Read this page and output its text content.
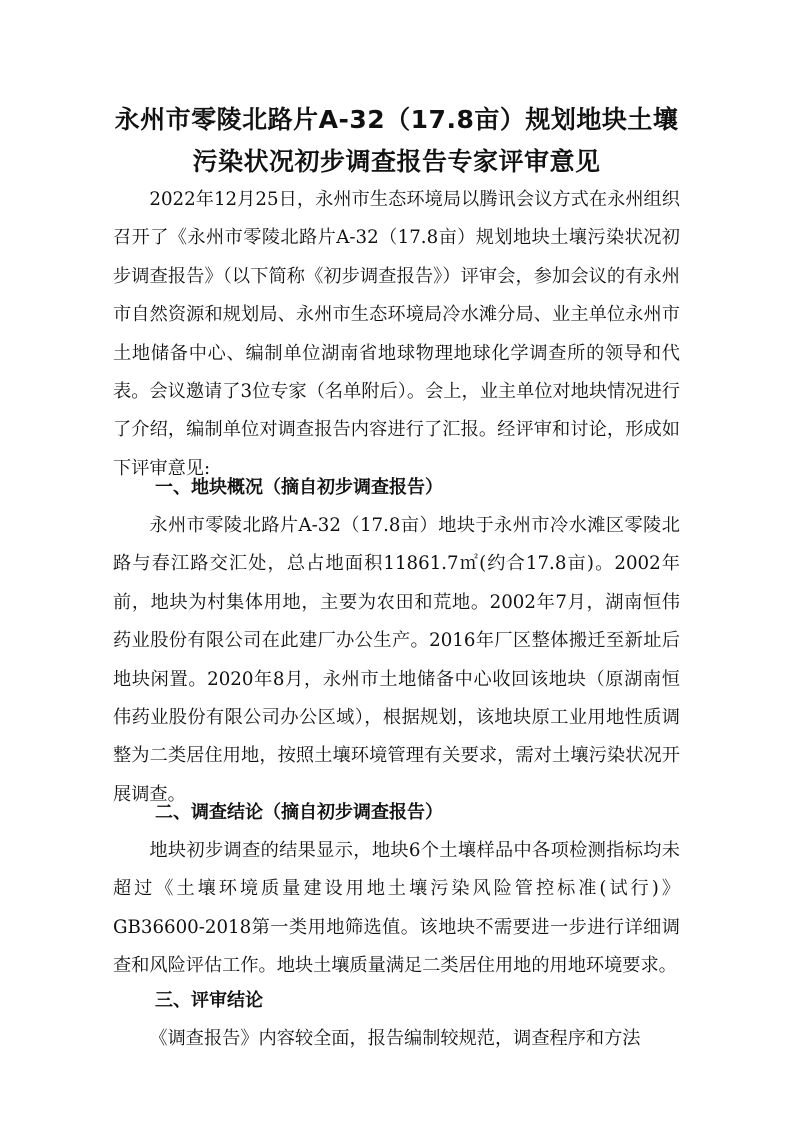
永州市零陵北路片A-32（17.8亩）规划地块土壤
污染状况初步调查报告专家评审意见

2022年12月25日，永州市生态环境局以腾讯会议方式在永州组织召开了《永州市零陵北路片A-32（17.8亩）规划地块土壤污染状况初步调查报告》（以下简称《初步调查报告》）评审会，参加会议的有永州市自然资源和规划局、永州市生态环境局冷水滩分局、业主单位永州市土地储备中心、编制单位湖南省地球物理地球化学调查所的领导和代表。会议邀请了3位专家（名单附后）。会上，业主单位对地块情况进行了介绍，编制单位对调查报告内容进行了汇报。经评审和讨论，形成如下评审意见:

一、地块概况（摘自初步调查报告）

永州市零陵北路片A-32（17.8亩）地块于永州市冷水滩区零陵北路与春江路交汇处，总占地面积11861.7㎡(约合17.8亩)。2002年前，地块为村集体用地，主要为农田和荒地。2002年7月，湖南恒伟药业股份有限公司在此建厂办公生产。2016年厂区整体搬迁至新址后地块闲置。2020年8月，永州市土地储备中心收回该地块（原湖南恒伟药业股份有限公司办公区域），根据规划，该地块原工业用地性质调整为二类居住用地，按照土壤环境管理有关要求，需对土壤污染状况开展调查。

二、调查结论（摘自初步调查报告）

地块初步调查的结果显示，地块6个土壤样品中各项检测指标均未超过《土壤环境质量建设用地土壤污染风险管控标准(试行)》GB36600-2018第一类用地筛选值。该地块不需要进一步进行详细调查和风险评估工作。地块土壤质量满足二类居住用地的用地环境要求。

三、评审结论

《调查报告》内容较全面，报告编制较规范，调查程序和方法
